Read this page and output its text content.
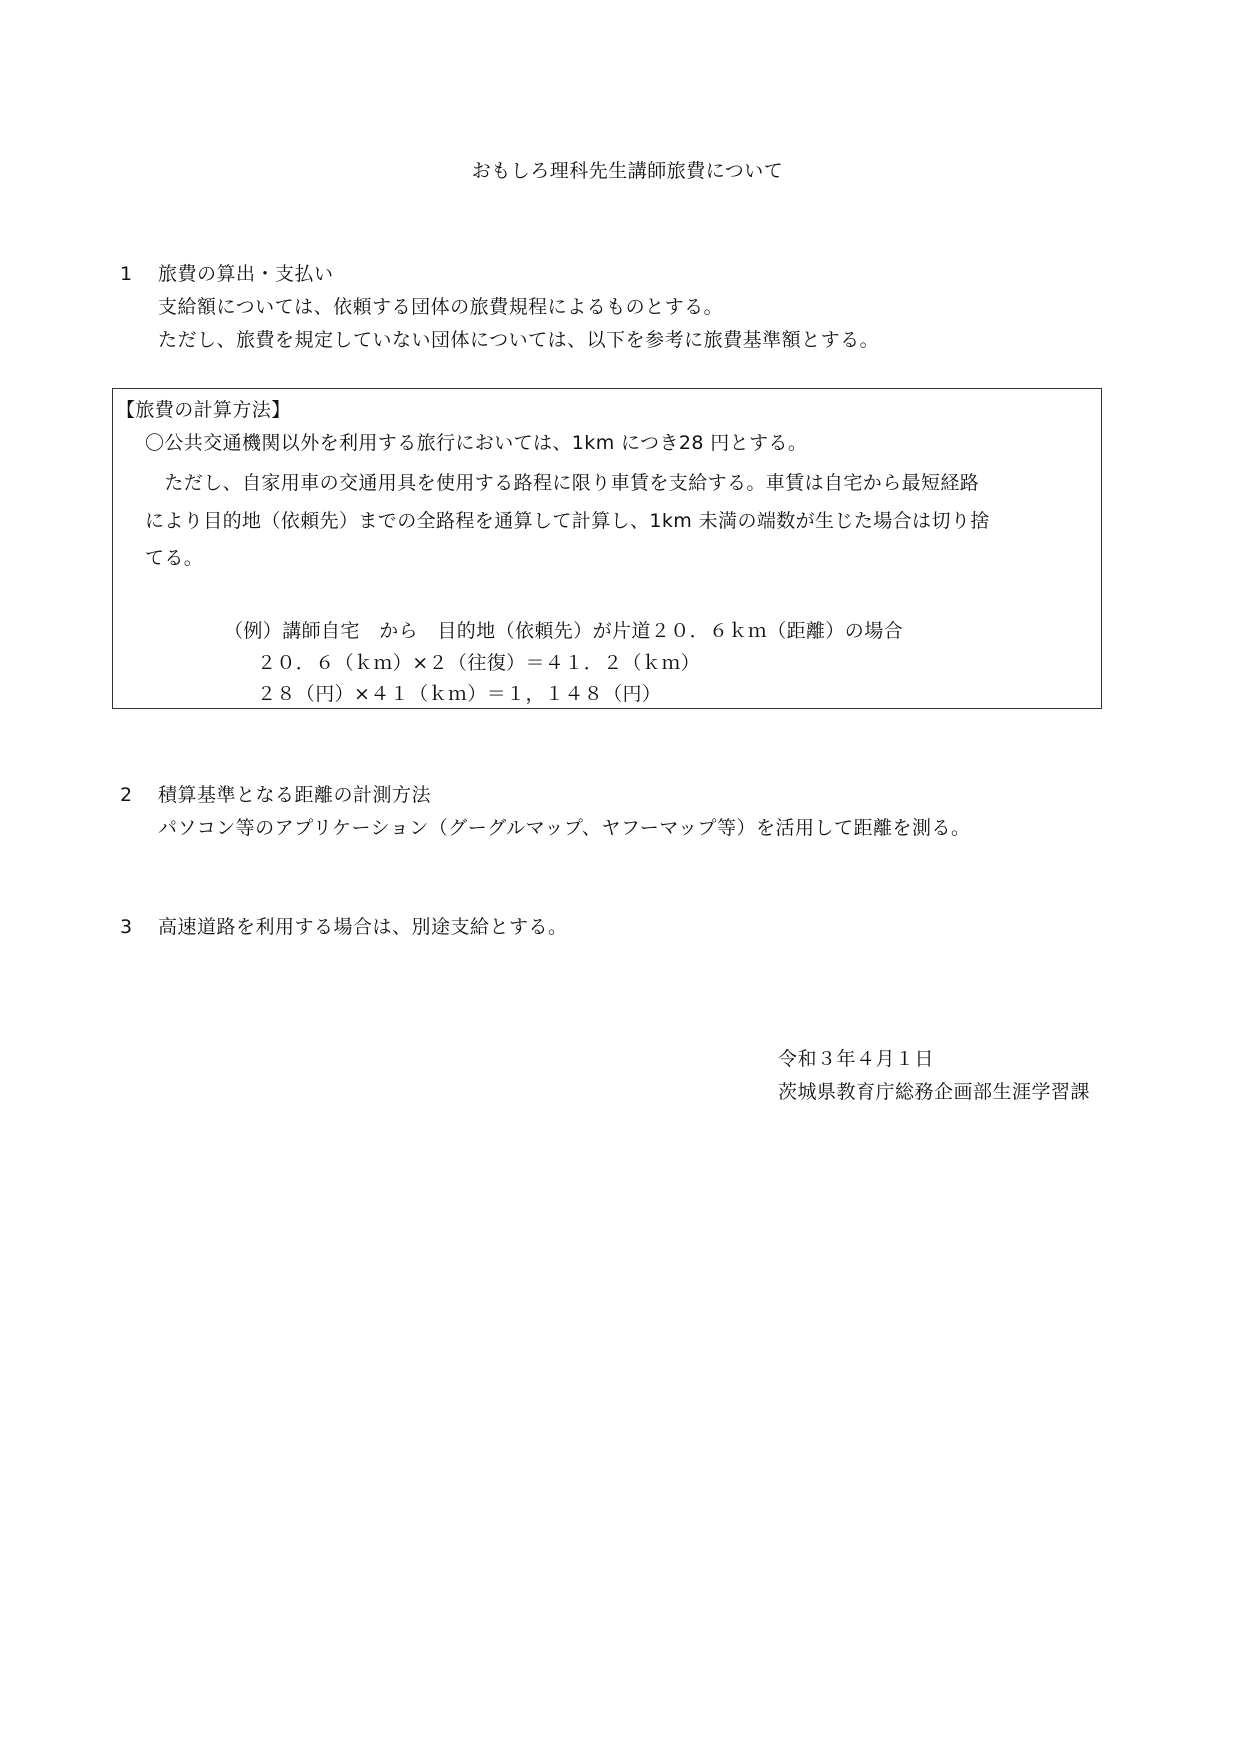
おもしろ理科先生講師旅費について
1 旅費の算出・支払い
支給額については、依頼する団体の旅費規程によるものとする。
ただし、旅費を規定していない団体については、以下を参考に旅費基準額とする。
【旅費の計算方法】
〇公共交通機関以外を利用する旅行においては、1km につき28 円とする。
　ただし、自家用車の交通用具を使用する路程に限り車賃を支給する。車賃は自宅から最短経路
により目的地（依頼先）までの全路程を通算して計算し、1km 未満の端数が生じた場合は切り捨
てる。
（例）講師自宅　から　目的地（依頼先）が片道２０．６ｋｍ（距離）の場合
２０．６（ｋｍ）×２（往復）＝４１．２（ｋｍ）
２８（円）×４１（ｋｍ）＝１，１４８（円）
2 積算基準となる距離の計測方法
パソコン等のアプリケーション（グーグルマップ、ヤフーマップ等）を活用して距離を測る。
3 高速道路を利用する場合は、別途支給とする。
令和３年４月１日
茨城県教育庁総務企画部生涯学習課
